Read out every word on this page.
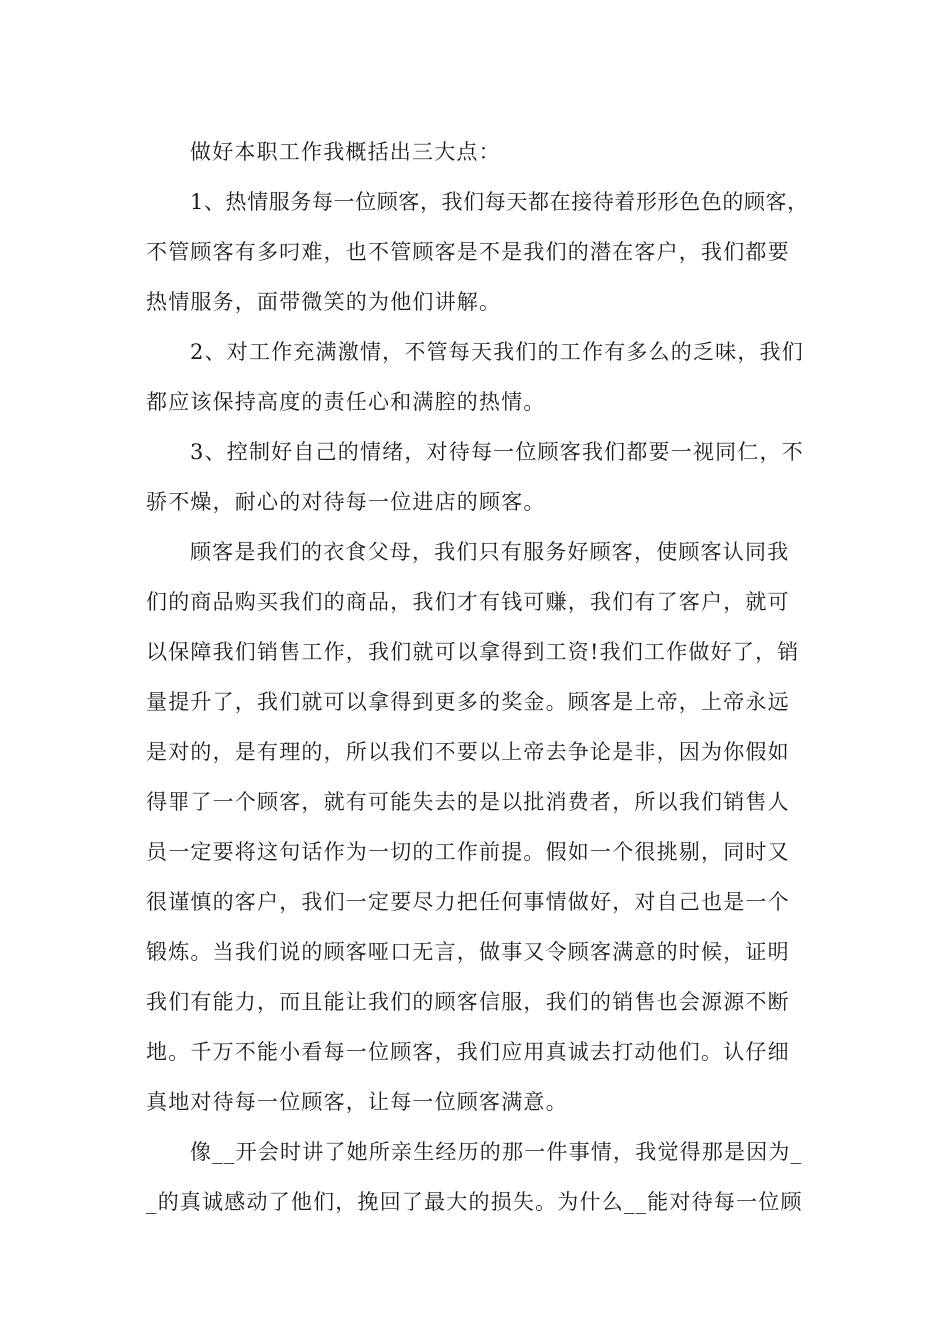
做好本职工作我概括出三大点：
1、热情服务每一位顾客，我们每天都在接待着形形色色的顾客，
不管顾客有多叼难，也不管顾客是不是我们的潜在客户，我们都要
热情服务，面带微笑的为他们讲解。
2、对工作充满激情，不管每天我们的工作有多么的乏味，我们
都应该保持高度的责任心和满腔的热情。
3、控制好自己的情绪，对待每一位顾客我们都要一视同仁，不
骄不燥，耐心的对待每一位进店的顾客。
顾客是我们的衣食父母，我们只有服务好顾客，使顾客认同我
们的商品购买我们的商品，我们才有钱可赚，我们有了客户，就可
以保障我们销售工作，我们就可以拿得到工资!我们工作做好了，销
量提升了，我们就可以拿得到更多的奖金。顾客是上帝，上帝永远
是对的，是有理的，所以我们不要以上帝去争论是非，因为你假如
得罪了一个顾客，就有可能失去的是以批消费者，所以我们销售人
员一定要将这句话作为一切的工作前提。假如一个很挑剔，同时又
很谨慎的客户，我们一定要尽力把任何事情做好，对自己也是一个
锻炼。当我们说的顾客哑口无言，做事又令顾客满意的时候，证明
我们有能力，而且能让我们的顾客信服，我们的销售也会源源不断
地。千万不能小看每一位顾客，我们应用真诚去打动他们。认仔细
真地对待每一位顾客，让每一位顾客满意。
像__开会时讲了她所亲生经历的那一件事情，我觉得那是因为_
_的真诚感动了他们，挽回了最大的损失。为什么__能对待每一位顾
